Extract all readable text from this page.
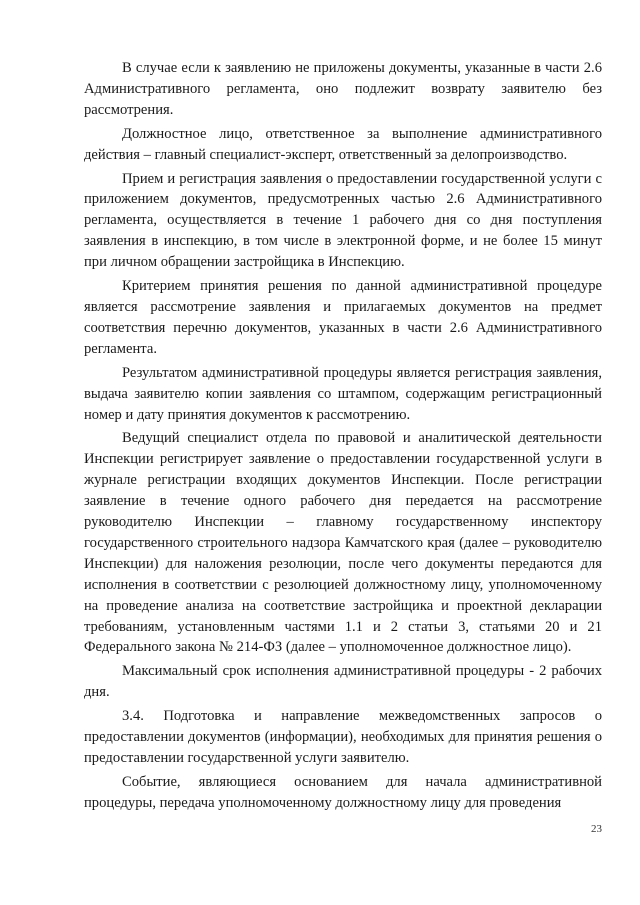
В случае если к заявлению не приложены документы, указанные в части 2.6 Административного регламента, оно подлежит возврату заявителю без рассмотрения.

Должностное лицо, ответственное за выполнение административного действия – главный специалист-эксперт, ответственный за делопроизводство.

Прием и регистрация заявления о предоставлении государственной услуги с приложением документов, предусмотренных частью 2.6 Административного регламента, осуществляется в течение 1 рабочего дня со дня поступления заявления в инспекцию, в том числе в электронной форме, и не более 15 минут при личном обращении застройщика в Инспекцию.

Критерием принятия решения по данной административной процедуре является рассмотрение заявления и прилагаемых документов на предмет соответствия перечню документов, указанных в части 2.6 Административного регламента.

Результатом административной процедуры является регистрация заявления, выдача заявителю копии заявления со штампом, содержащим регистрационный номер и дату принятия документов к рассмотрению.

Ведущий специалист отдела по правовой и аналитической деятельности Инспекции регистрирует заявление о предоставлении государственной услуги в журнале регистрации входящих документов Инспекции. После регистрации заявление в течение одного рабочего дня передается на рассмотрение руководителю Инспекции – главному государственному инспектору государственного строительного надзора Камчатского края (далее – руководителю Инспекции) для наложения резолюции, после чего документы передаются для исполнения в соответствии с резолюцией должностному лицу, уполномоченному на проведение анализа на соответствие застройщика и проектной декларации требованиям, установленным частями 1.1 и 2 статьи 3, статьями 20 и 21 Федерального закона № 214-ФЗ (далее – уполномоченное должностное лицо).

Максимальный срок исполнения административной процедуры - 2 рабочих дня.

3.4. Подготовка и направление межведомственных запросов о предоставлении документов (информации), необходимых для принятия решения о предоставлении государственной услуги заявителю.

Событие, являющиеся основанием для начала административной процедуры, передача уполномоченному должностному лицу для проведения

23
